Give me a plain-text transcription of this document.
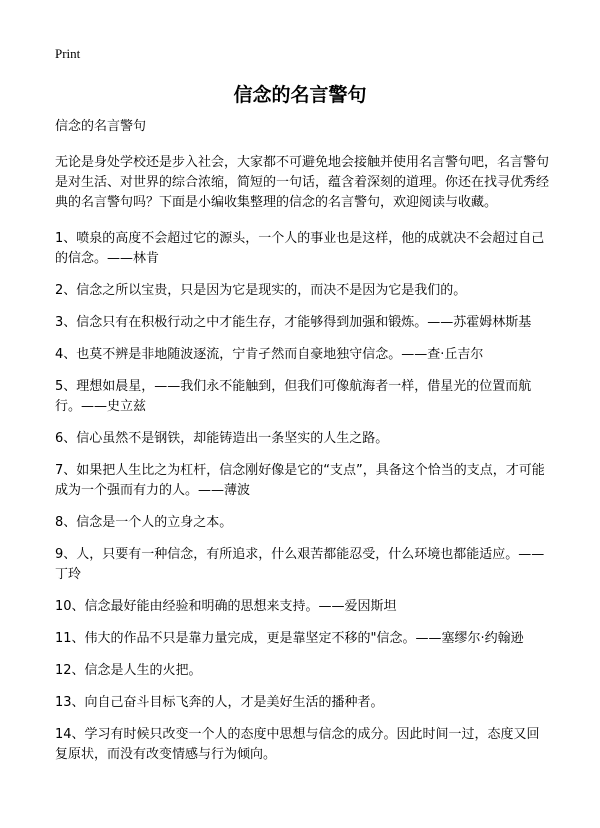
Print
信念的名言警句

信念的名言警句

无论是身处学校还是步入社会，大家都不可避免地会接触并使用名言警句吧，名言警句是对生活、对世界的综合浓缩，简短的一句话，蕴含着深刻的道理。你还在找寻优秀经典的名言警句吗？下面是小编收集整理的信念的名言警句，欢迎阅读与收藏。

1、喷泉的高度不会超过它的源头，一个人的事业也是这样，他的成就决不会超过自己的信念。——林肯

2、信念之所以宝贵，只是因为它是现实的，而决不是因为它是我们的。

3、信念只有在积极行动之中才能生存，才能够得到加强和锻炼。——苏霍姆林斯基

4、也莫不辨是非地随波逐流，宁肯孑然而自豪地独守信念。——查·丘吉尔

5、理想如晨星，——我们永不能触到，但我们可像航海者一样，借星光的位置而航行。——史立兹

6、信心虽然不是钢铁，却能铸造出一条坚实的人生之路。

7、如果把人生比之为杠杆，信念刚好像是它的“支点”，具备这个恰当的支点，才可能成为一个强而有力的人。——薄波

8、信念是一个人的立身之本。

9、人，只要有一种信念，有所追求，什么艰苦都能忍受，什么环境也都能适应。——丁玲

10、信念最好能由经验和明确的思想来支持。——爱因斯坦

11、伟大的作品不只是靠力量完成，更是靠坚定不移的"信念。——塞缪尔·约翰逊

12、信念是人生的火把。

13、向自己奋斗目标飞奔的人，才是美好生活的播种者。

14、学习有时候只改变一个人的态度中思想与信念的成分。因此时间一过，态度又回复原状，而没有改变情感与行为倾向。
